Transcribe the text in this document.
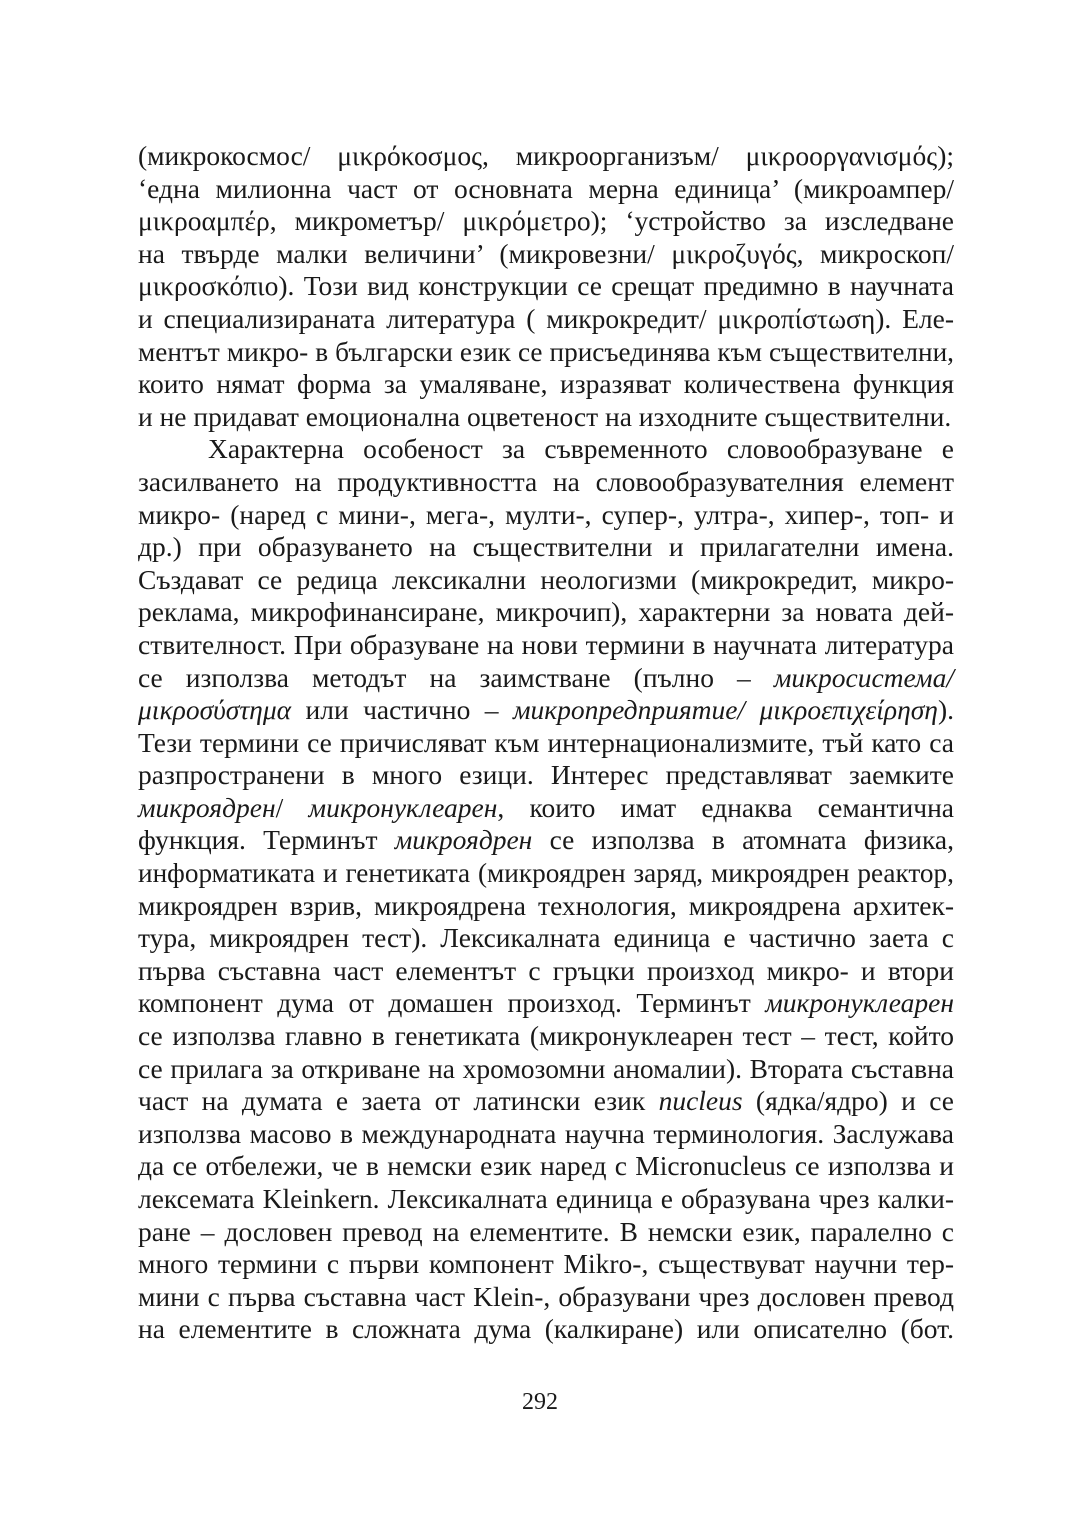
(микрокосмос/ μικρόκοσμος, микроорганизъм/ μικροοργανισμός);
‘една милионна част от основната мерна единица’ (микроампер/
μικροαμπέρ, микрометър/ μικρόμετρο); ‘устройство за изследване
на твърде малки величини’ (микровезни/ μικροζυγός, микроскоп/
μικροσκόπιο). Този вид конструкции се срещат предимно в научната
и специализираната литература ( микрокредит/ μικροπίστωση). Еле-
ментът микро- в български език се присъединява към съществителни,
които нямат форма за умаляване, изразяват количествена функция
и не придават емоционална оцветеност на изходните съществителни.
Характерна особеност за съвременното словообразуване е
засилването на продуктивността на словообразувателния елемент
микро- (наред с мини-, мега-, мулти-, супер-, ултра-, хипер-, топ- и
др.) при образуването на съществителни и прилагателни имена.
Създават се редица лексикални неологизми (микрокредит, микро-
реклама, микрофинансиране, микрочип), характерни за новата дей-
ствителност. При образуване на нови термини в научната литература
се използва методът на заимстване (пълно – микросистема/
μικροσύστημα или частично – микропредприятие/ μικροεπιχείρηση).
Тези термини се причисляват към интернационализмите, тъй като са
разпространени в много езици. Интерес представляват заемките
микроядрен/ микронуклеарен, които имат еднаква семантична
функция. Терминът микроядрен се използва в атомната физика,
информатиката и генетиката (микроядрен заряд, микроядрен реактор,
микроядрен взрив, микроядрена технология, микроядрена архитек-
тура, микроядрен тест). Лексикалната единица е частично заета с
първа съставна част елементът с гръцки произход микро- и втори
компонент дума от домашен произход. Терминът микронуклеарен
се използва главно в генетиката (микронуклеарен тест – тест, който
се прилага за откриване на хромозомни аномалии). Втората съставна
част на думата е заета от латински език nucleus (ядка/ядро) и се
използва масово в международната научна терминология. Заслужава
да се отбележи, че в немски език наред с Micronucleus се използва и
лексемата Kleinkern. Лексикалната единица е образувана чрез калки-
ране – дословен превод на елементите. В немски език, паралелно с
много термини с първи компонент Mikro-, съществуват научни тер-
мини с първа съставна част Klein-, образувани чрез дословен превод
на елементите в сложната дума (калкиране) или описателно (бот.
292
